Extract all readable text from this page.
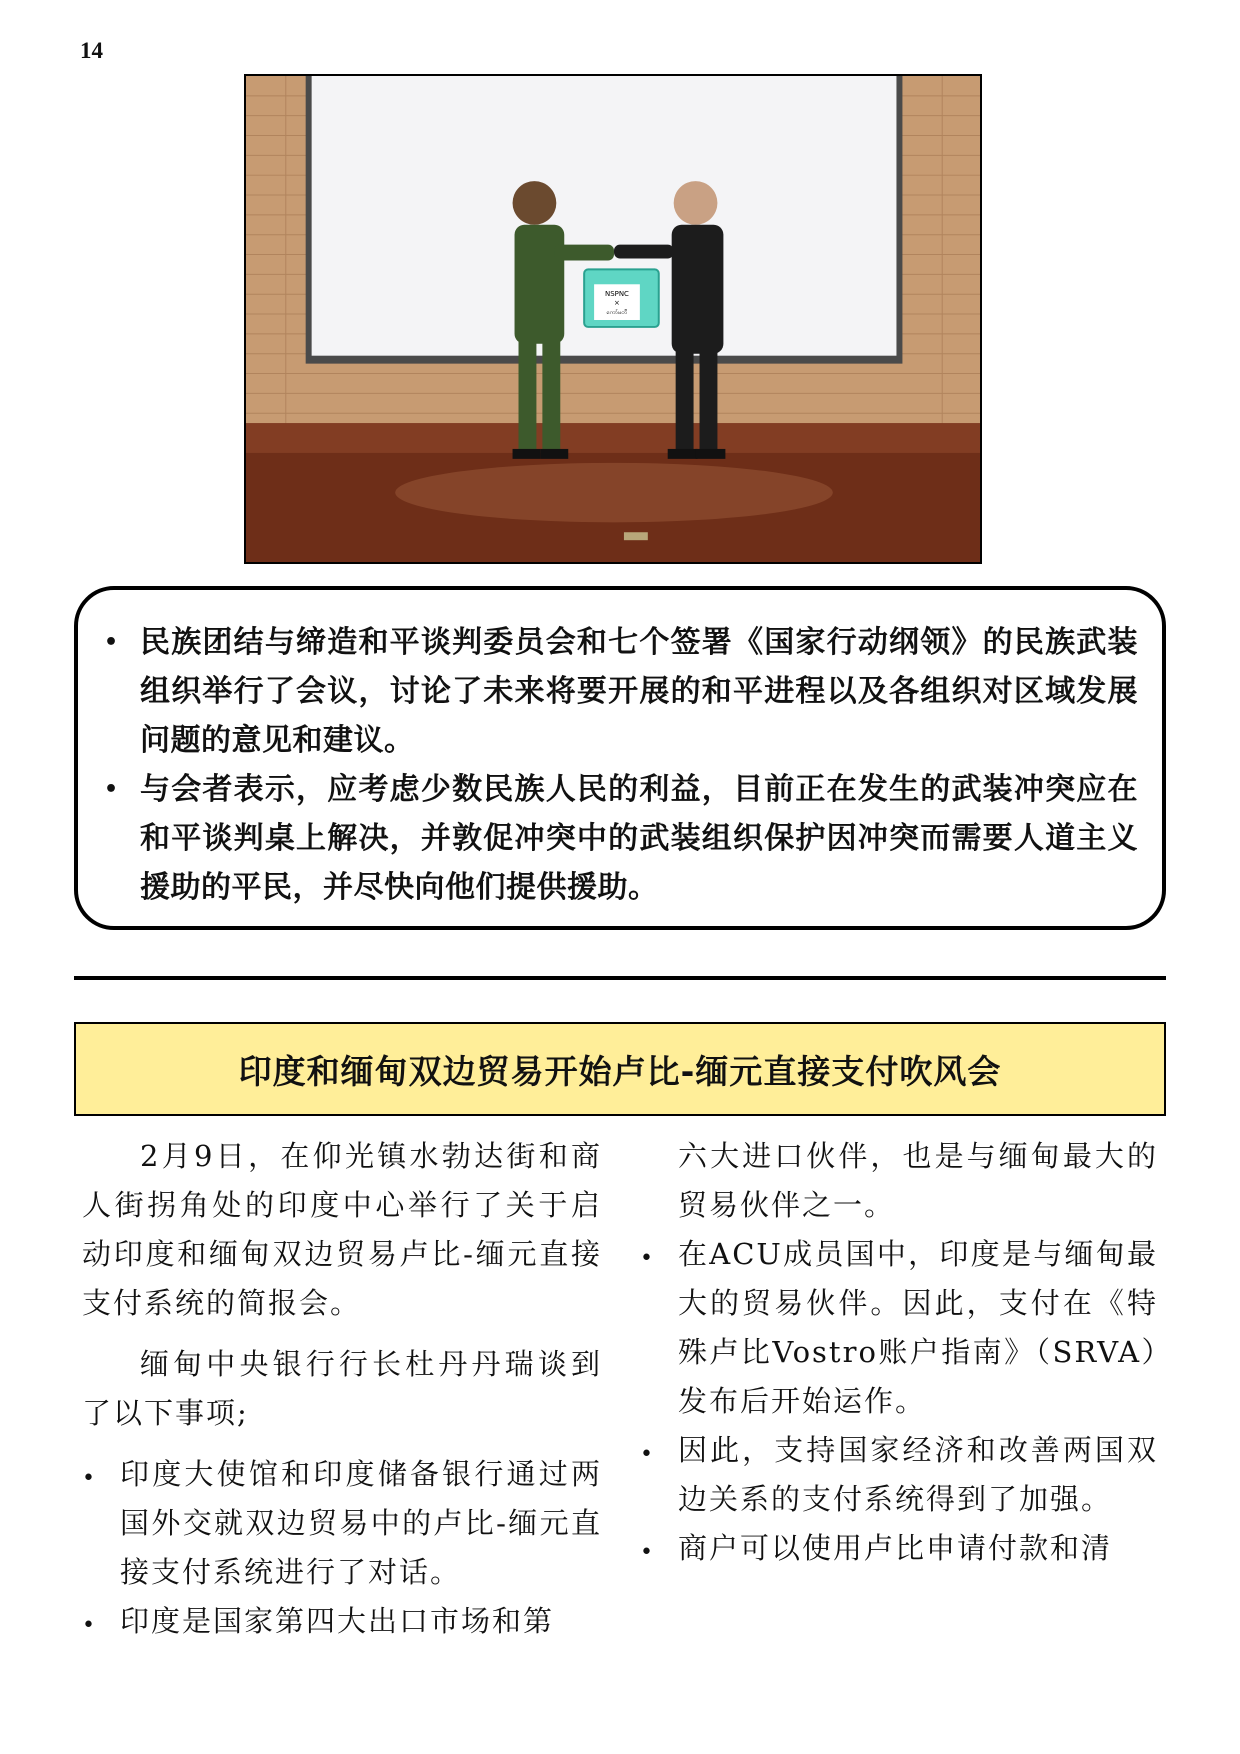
14
NSPNC
×
ကော်မတီ
• 民族团结与缔造和平谈判委员会和七个签署《国家行动纲领》的民族武装组织举行了会议，讨论了未来将要开展的和平进程以及各组织对区域发展问题的意见和建议。
• 与会者表示，应考虑少数民族人民的利益，目前正在发生的武装冲突应在和平谈判桌上解决，并敦促冲突中的武装组织保护因冲突而需要人道主义援助的平民，并尽快向他们提供援助。
印度和缅甸双边贸易开始卢比-缅元直接支付吹风会

2月9日，在仰光镇水勃达街和商人街拐角处的印度中心举行了关于启动印度和缅甸双边贸易卢比-缅元直接支付系统的简报会。

缅甸中央银行行长杜丹丹瑞谈到了以下事项;

• 印度大使馆和印度储备银行通过两国外交就双边贸易中的卢比-缅元直接支付系统进行了对话。
• 印度是国家第四大出口市场和第

六大进口伙伴，也是与缅甸最大的贸易伙伴之一。

• 在ACU成员国中，印度是与缅甸最大的贸易伙伴。因此，支付在《特殊卢比Vostro账户指南》（SRVA）发布后开始运作。
• 因此，支持国家经济和改善两国双边关系的支付系统得到了加强。
• 商户可以使用卢比申请付款和清
